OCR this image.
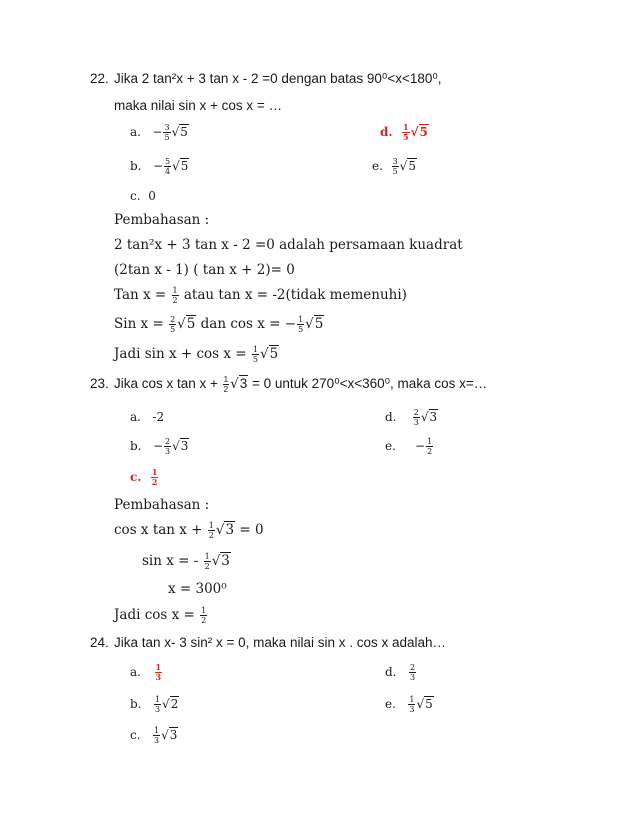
22. Jika 2 tan²x + 3 tan x - 2 =0 dengan batas 90⁰<x<180⁰,
maka nilai sin x + cos x = …
a. − $\frac{3}{5} √5$	d. $\frac{1}{5} √5$
b. − $\frac{5}{4} √5$	e. $\frac{3}{5} √5$
c. 0
Pembahasan :
2 tan²x + 3 tan x - 2 =0 adalah persamaan kuadrat
(2tan x - 1) ( tan x + 2)= 0
Tan $x = \frac{1}{2}$ atau tan x = -2(tidak memenuhi)
Sin $x = \frac{2}{5} √5$ dan cos x = − $\frac{1}{5} √5$
Jadi $\sin x + \cos x = \frac{1}{5} √5$
23. Jika cos x $\tan x + \frac{1}{2} √3 = 0$ untuk 270⁰<x<360⁰, maka cos x=…
a. -2	d. $\frac{2}{3} √3$
b. − $\frac{2}{3} √3$	e. − $\frac{1}{2}$
c. $\frac{1}{2}$
Pembahasan :
cos x $\tan x + \frac{1}{2} √3 = 0$
sin x = - $\frac{1}{2} √3$
x = 300⁰
Jadi $\cos x = \frac{1}{2}$
24. Jika tan x- 3 sin² x = 0, maka nilai sin x . cos x adalah…
a. $\frac{1}{3}$	d. $\frac{2}{3}$
b. $\frac{1}{3} √2$	e. $\frac{1}{3} √5$
c. $\frac{1}{3} √3$
